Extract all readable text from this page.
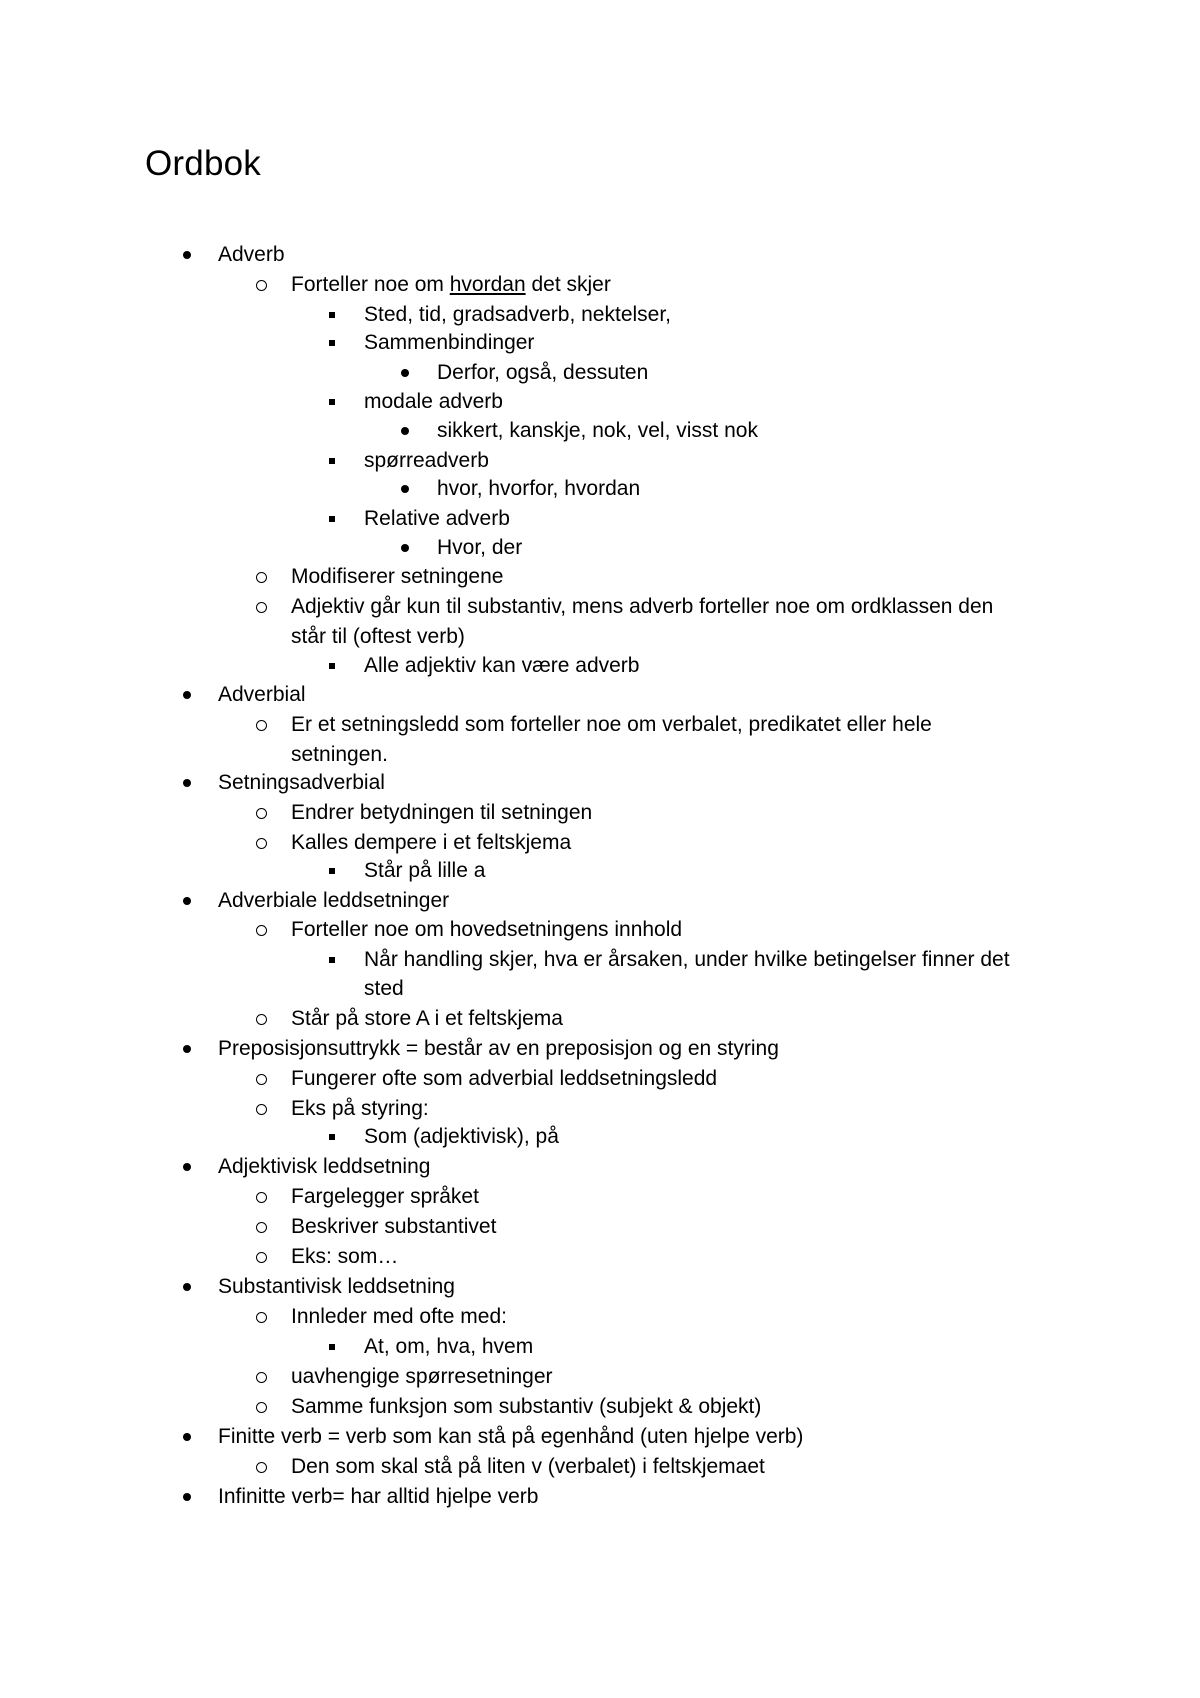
Ordbok
Adverb
Forteller noe om hvordan det skjer
Sted, tid, gradsadverb, nektelser,
Sammenbindinger
Derfor, også, dessuten
modale adverb
sikkert, kanskje, nok, vel, visst nok
spørreadverb
hvor, hvorfor, hvordan
Relative adverb
Hvor, der
Modifiserer setningene
Adjektiv går kun til substantiv, mens adverb forteller noe om ordklassen den
står til (oftest verb)
Alle adjektiv kan være adverb
Adverbial
Er et setningsledd som forteller noe om verbalet, predikatet eller hele
setningen.
Setningsadverbial
Endrer betydningen til setningen
Kalles dempere i et feltskjema
Står på lille a
Adverbiale leddsetninger
Forteller noe om hovedsetningens innhold
Når handling skjer, hva er årsaken, under hvilke betingelser finner det
sted
Står på store A i et feltskjema
Preposisjonsuttrykk = består av en preposisjon og en styring
Fungerer ofte som adverbial leddsetningsledd
Eks på styring:
Som (adjektivisk), på
Adjektivisk leddsetning
Fargelegger språket
Beskriver substantivet
Eks: som…
Substantivisk leddsetning
Innleder med ofte med:
At, om, hva, hvem
uavhengige spørresetninger
Samme funksjon som substantiv (subjekt & objekt)
Finitte verb = verb som kan stå på egenhånd (uten hjelpe verb)
Den som skal stå på liten v (verbalet) i feltskjemaet
Infinitte verb= har alltid hjelpe verb
